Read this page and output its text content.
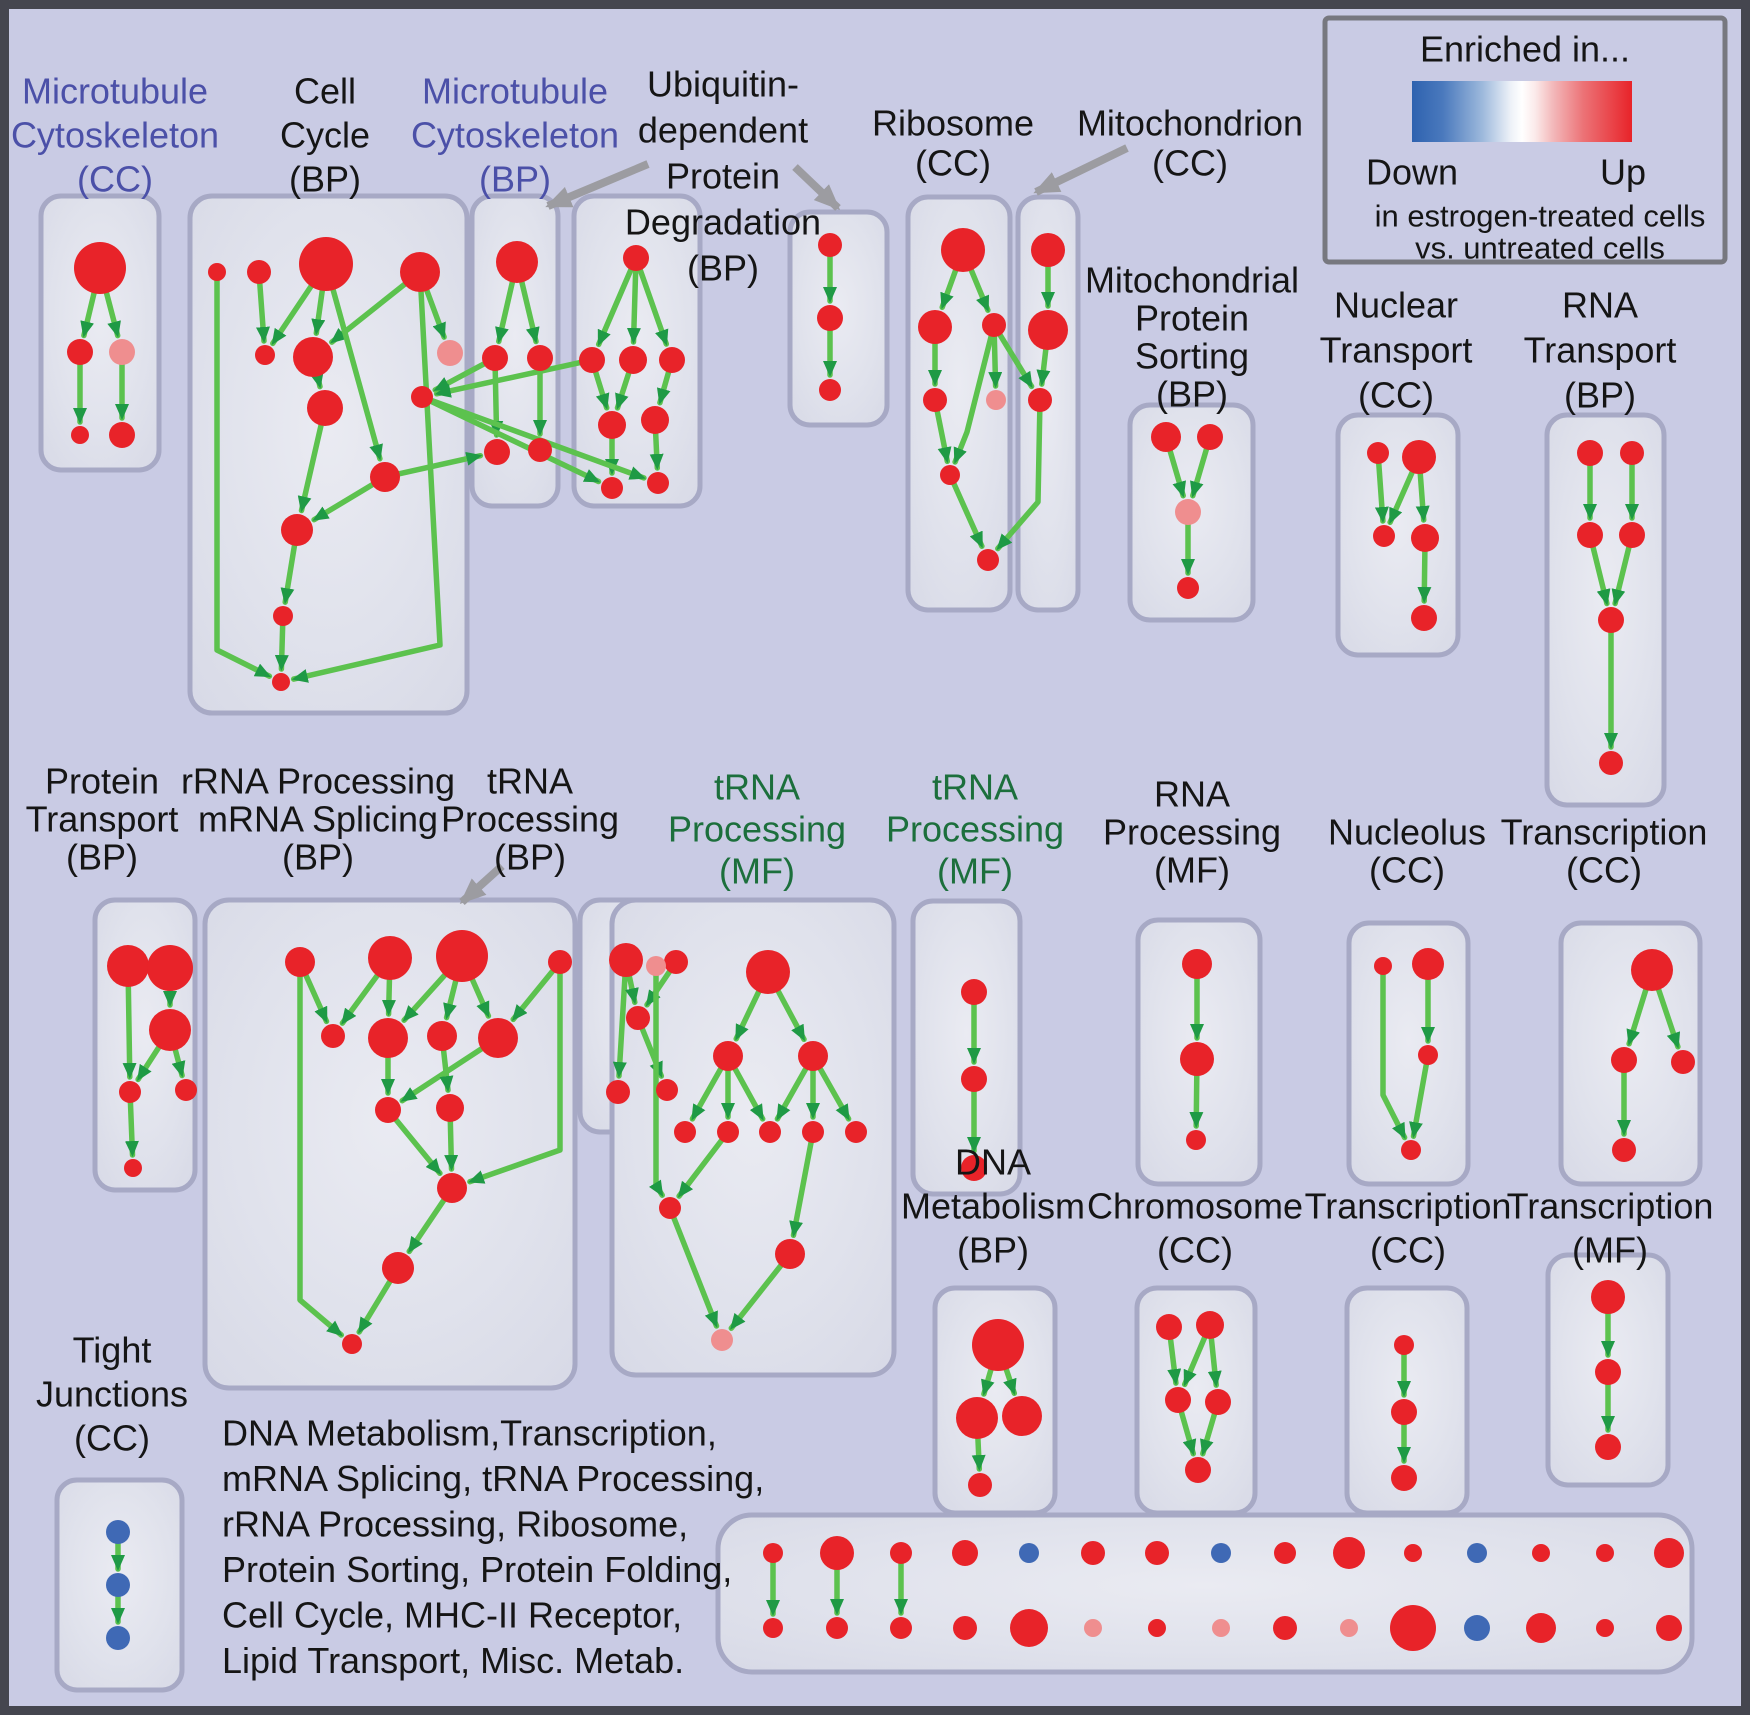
Microtubule Cytoskeleton (CC)
Cell Cycle (BP)
Microtubule Cytoskeleton (BP)
Ubiquitin-dependent Protein Degradation (BP)
Ribosome (CC)
Mitochondrion (CC)
Mitochondrial Protein Sorting (BP)
Nuclear Transport (CC)
RNA Transport (BP)
Protein Transport (BP)
rRNA Processing mRNA Splicing (BP)
tRNA Processing (BP)
tRNA Processing (MF)
tRNA Processing (MF)
RNA Processing (MF)
Nucleolus (CC)
Transcription (CC)
DNA Metabolism (BP)
Chromosome (CC)
Transcription (CC)
Transcription (MF)
Tight Junctions (CC)	DNA Metabolism,Transcription, mRNA Splicing, tRNA Processing, rRNA Processing, Ribosome, Protein Sorting, Protein Folding, Cell Cycle, MHC-II Receptor, Lipid Transport, Misc. Metab.
Enriched in...
Down	Up
in estrogen-treated cells
vs. untreated cells
